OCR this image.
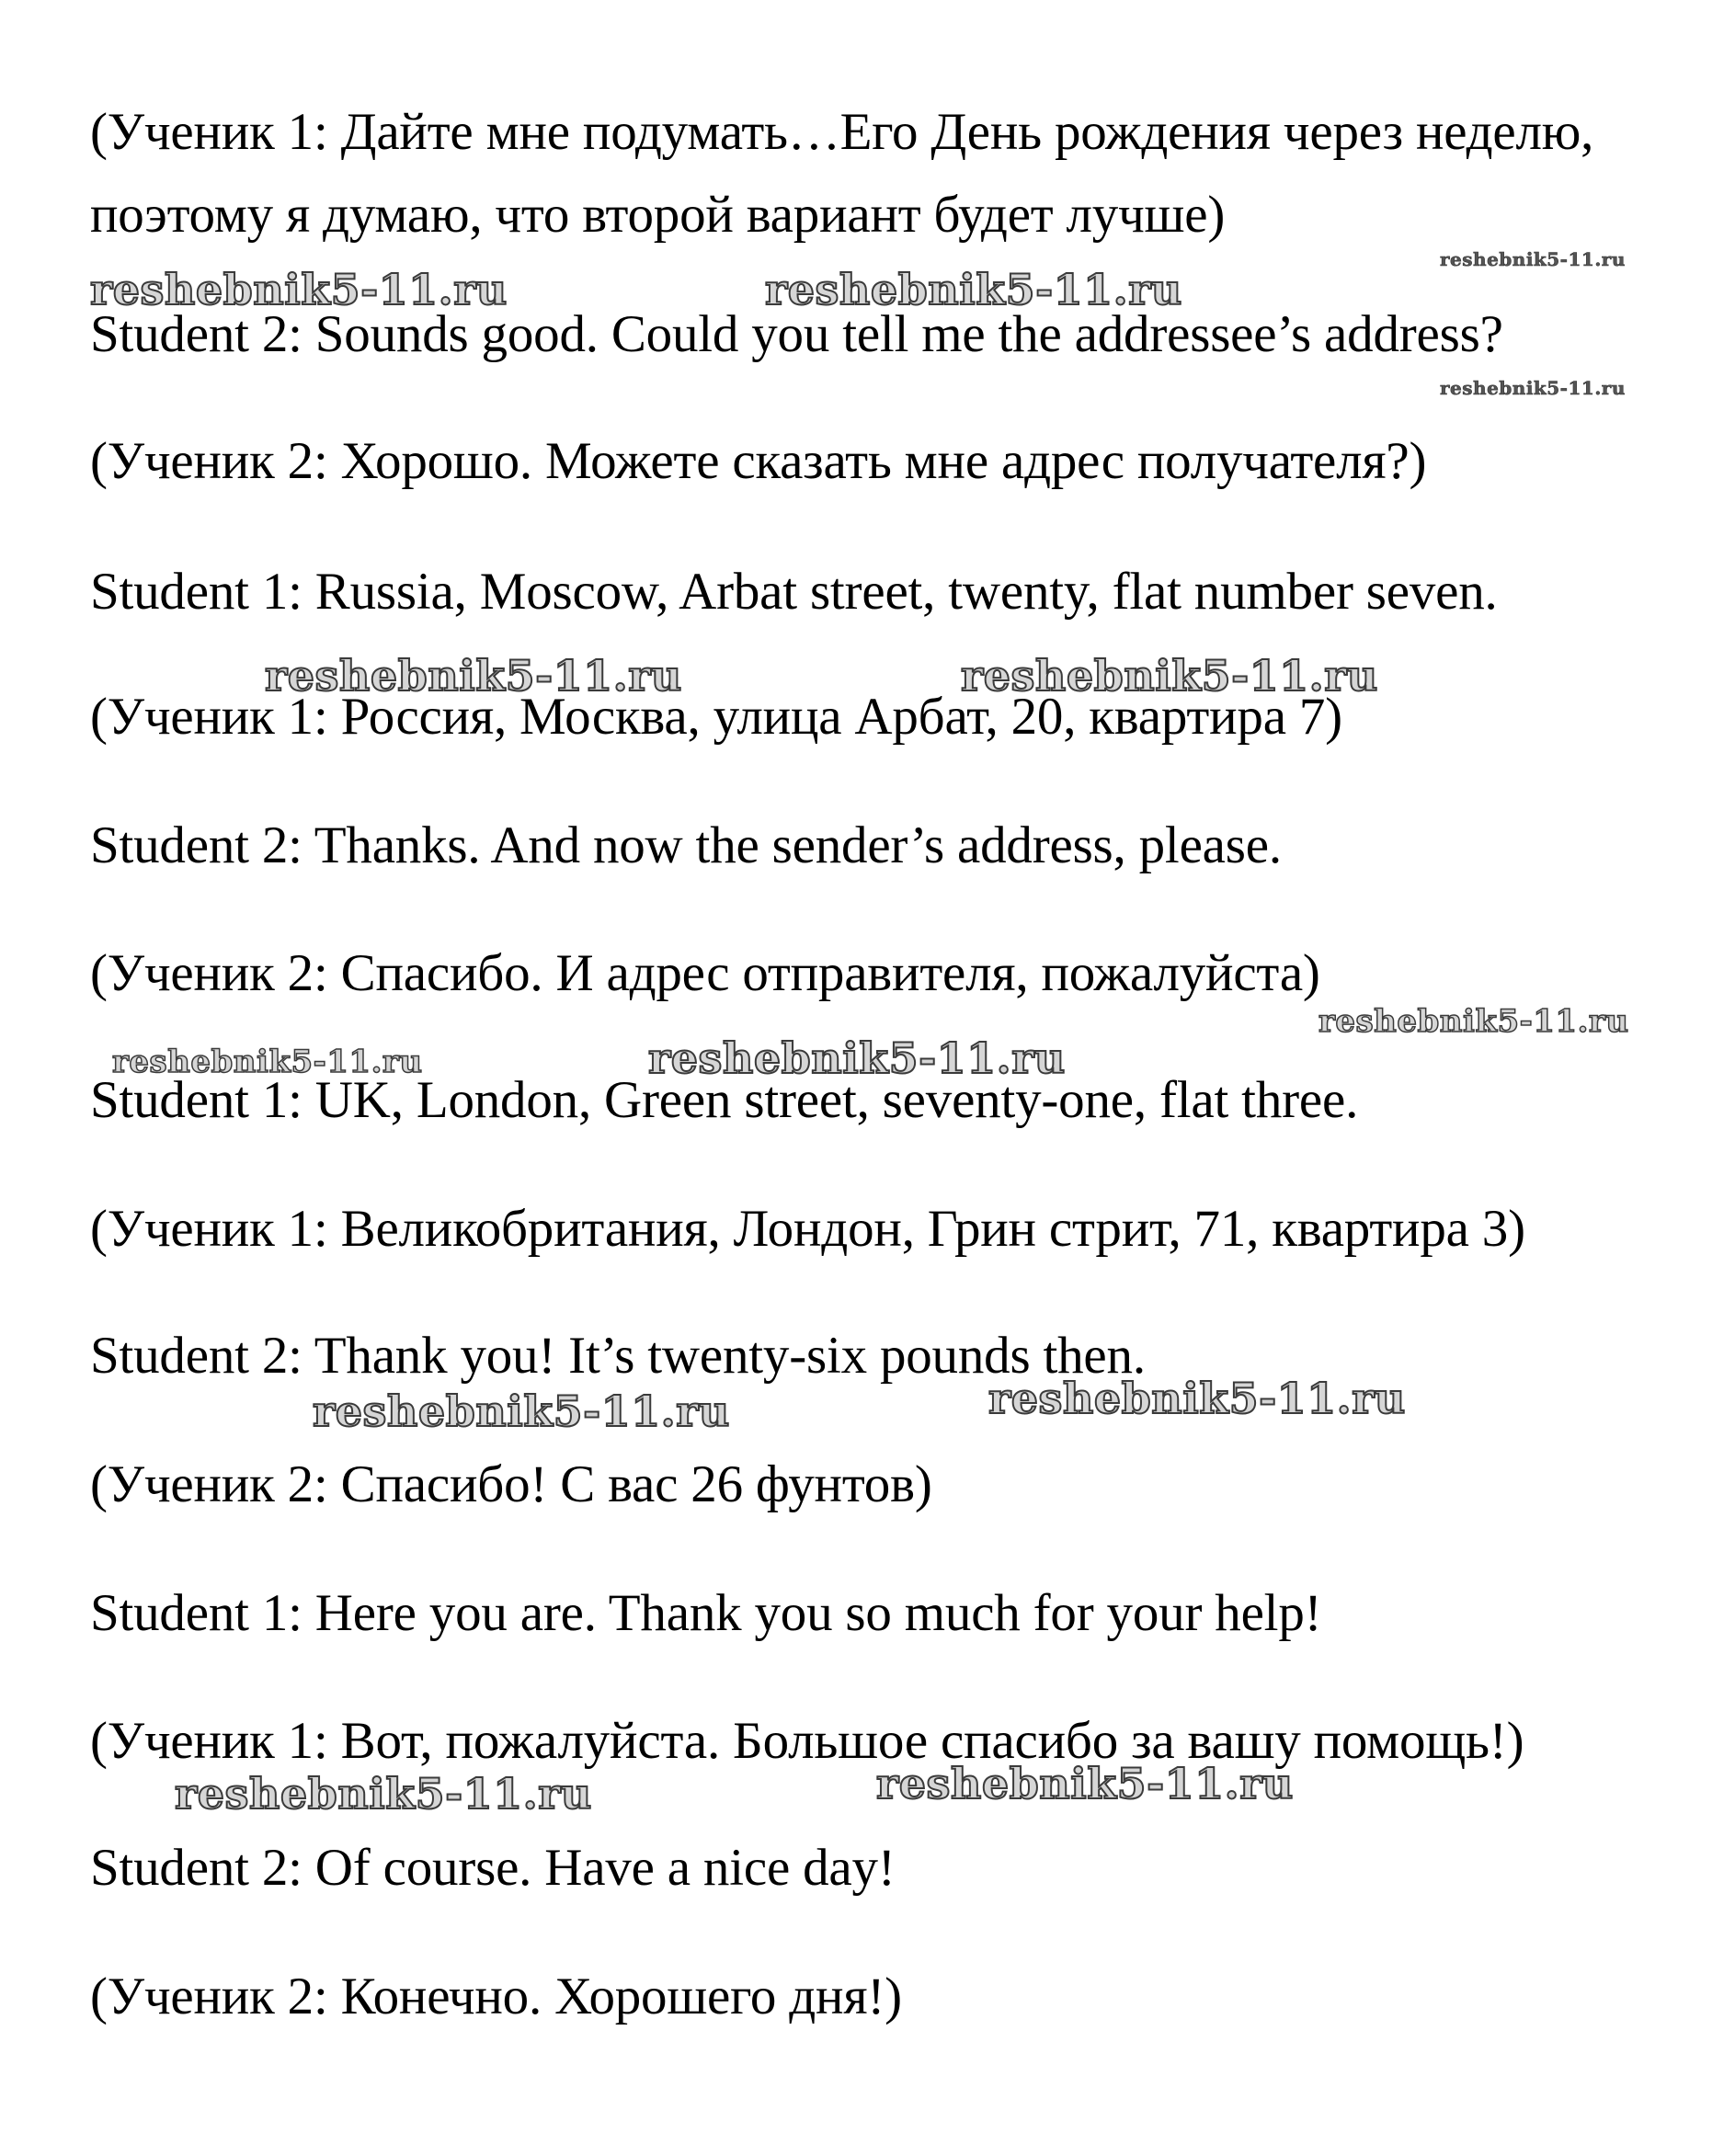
(Ученик 1: Дайте мне подумать…Его День рождения через неделю,
поэтому я думаю, что второй вариант будет лучше)
Student 2: Sounds good. Could you tell me the addressee’s address?
(Ученик 2: Хорошо. Можете сказать мне адрес получателя?)
Student 1: Russia, Moscow, Arbat street, twenty, flat number seven.
(Ученик 1: Россия, Москва, улица Арбат, 20, квартира 7)
Student 2: Thanks. And now the sender’s address, please.
(Ученик 2: Спасибо. И адрес отправителя, пожалуйста)
Student 1: UK, London, Green street, seventy-one, flat three.
(Ученик 1: Великобритания, Лондон, Грин стрит, 71, квартира 3)
Student 2: Thank you! It’s twenty-six pounds then.
(Ученик 2: Спасибо! С вас 26 фунтов)
Student 1: Here you are. Thank you so much for your help!
(Ученик 1: Вот, пожалуйста. Большое спасибо за вашу помощь!)
Student 2: Of course. Have a nice day!
(Ученик 2: Конечно. Хорошего дня!)
reshebnik5-11.ru	reshebnik5-11.ru
reshebnik5-11.ru
reshebnik5-11.ru
reshebnik5-11.ru	reshebnik5-11.ru
reshebnik5-11.ru
reshebnik5-11.ru	reshebnik5-11.ru
reshebnik5-11.ru	reshebnik5-11.ru
reshebnik5-11.ru	reshebnik5-11.ru
